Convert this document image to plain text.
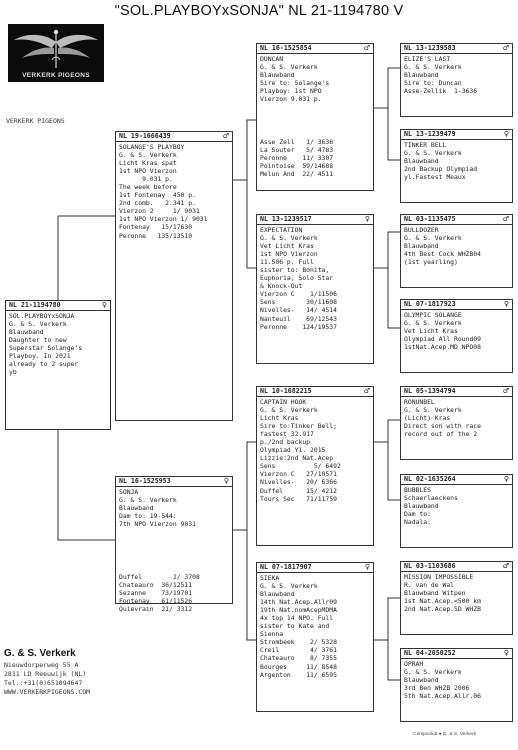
"SOL.PLAYBOYxSONJA" NL 21-1194780 V
VERKERK PIGEONS
VERKERK PIGEONS
NL 21-1194780	♀
SOL.PLAYBOYxSONJA
G. & S. Verkerk
Blauwband
Daughter to new
Superstar Solange's
Playboy. In 2021
already to 2 super
yb
NL 19-1666439	♂
SOLANGE'S PLAYBOY
G. & S. Verkerk
Licht Kras spat
1st NPO Vierzon
9.031 p.
The week before
1st Fontenay  450 p.
2nd comb.   2.341 p.
Vierzon 2     1/ 9031
1st NPO Vierzon 1/ 9031
Fontenay   15/17630
Peronne   135/13510
NL 16-1525953	♀
SONJA
G. & S. Verkerk
Blauwband
Dam to: 19-544:
7th NPO Vierzon 9031
Duffel        2/ 3708
Chateauro  36/12511
Sezanne    73/19701
Fontenay   61/11526
Quievrain  21/ 3312
NL 16-1525854	♂
DUNCAN
G. & S. Verkerk
Blauwband
Sire to: Solange's
Playboy: 1st NPO
Vierzon 9.031 p.
Asse Zell   1/ 3636
La Souter   5/ 4783
Peronne    11/ 3307
Pointoise  59/14688
Melun And  22/ 4511
NL 13-1239517	♀
EXPECTATION
G. & S. Verkerk
Vet Licht Kras
1st NPO Vierzon
11.506 p. Full
sister to: Bonita,
Euphoria, Solo Star
& Knock-Out
Vierzon C    1/11506
Sens        30/11608
Nivelles-   14/ 4514
Nanteuil    69/12543
Peronne    124/19537
NL 10-1682215	♂
CAPTAIN HOOK
G. & S. Verkerk
Licht Kras
Sire to:Tinker Bell;
fastest 32.917
p./2nd backup
Olympiad Y1. 2015
Lizzie:2nd Nat.Acep
Sens          5/ 6492
Vierzon C   27/10571
Nivelles-   20/ 6366
Duffel      15/ 4212
Tours Sec   71/11759
NL 07-1817907	♀
SIEKA
G. & S. Verkerk
Blauwband
14th Nat.Acep.Allr09
19th Nat.nomAcepMDMA
4x top 14 NPO. Full
sister to Kate and
Sienna
Strombeek    2/ 5328
Creil        4/ 3761
Chateauro    8/ 7355
Bourges     11/ 8548
Argenton    11/ 6595
NL 13-1239583	♂
ELIZE'S LAST
G. & S. Verkerk
Blauwband
Sire to: Duncan
Asse-Zellik  1-3636
NL 13-1239479	♀
TINKER BELL
G. & S. Verkerk
Blauwband
2nd Backup Olympiad
yl.Fastest Meaux
NL 03-1135475	♂
BULLDOZER
G. & S. Verkerk
Blauwband
4th Best Cock WHZB04
(1st yearling)
NL 07-1817923	♀
OLYMPIC SOLANGE
G. & S. Verkerk
Vet Licht Kras
Olympiad All Round09
1stNat.Acep.MD NPO08
NL 05-1394794	♂
RONUNBEL
G. & S. Verkerk
(Licht) Kras
Direct son with race
record out of the 2
NL 02-1635264	♀
BUBBLES
Schaerlaeckens
Blauwband
Dam to:
Nadala:
NL 03-1103686	♂
MISSION IMPOSSIBLE
R. van de Wal
Blauwband Witpen
1st Nat.Acep.<500 km
2nd Nat.Acep.SD WHZB
NL 04-2050252	♀
OPRAH
G. & S. Verkerk
Blauwband
3rd Ben WHZB 2006
5th Nat.Acep.Allr.06
G. & S. Verkerk
Nieuwdorperweg 55 A
2811 LD Reeuwijk (NL)
Tel.:+31(0)651094647
WWW.VERKERKPIGEONS.COM
Compuclub ● G. & S. Verkerk
